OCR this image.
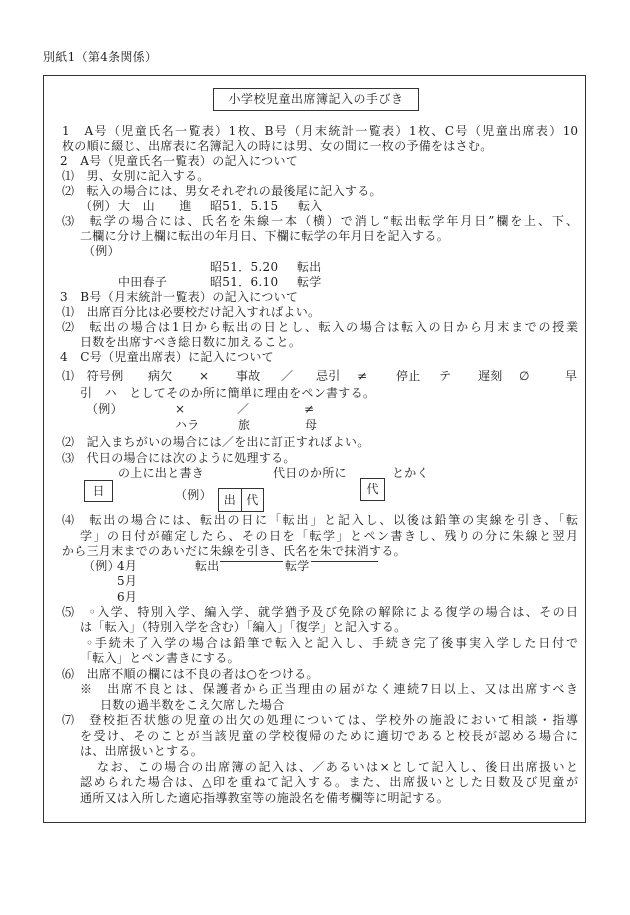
別紙1（第4条関係）
小学校児童出席簿記入の手びき
1　A号（児童氏名一覧表）1枚、B号（月末統計一覧表）1枚、C号（児童出席表）10
枚の順に綴じ、出席表に名簿記入の時には男、女の間に一枚の予備をはさむ。
2　A号（児童氏名一覧表）の記入について
⑴　男、女別に記入する。
⑵　転入の場合には、男女それぞれの最後尾に記入する。
（例） 大　山　　進 昭51．5.15 転入
⑶　転学の場合には、氏名を朱線一本（横）で消し“転出転学年月日”欄を上、下、
二欄に分け上欄に転出の年月日、下欄に転学の年月日を記入する。
（例）
昭51．5.20 転出
中田春子	昭51．6.10 転学
3　B号（月末統計一覧表）の記入について
⑴　出席百分比は必要校だけ記入すればよい。
⑵　転出の場合は1日から転出の日とし、転入の場合は転入の日から月末までの授業
日数を出席すべき総日数に加えること。
4　C号（児童出席表）に記入について
⑴　符号例 病欠 × 事故 ／ 忌引 ≠ 停止 テ 遅刻 ∅	早
引　ハ　としてそのか所に簡単に理由をペン書する。
（例）	×	／	≠
ハラ	旅	母
⑵　記入まちがいの場合には／を出に訂正すればよい。
⑶　代日の場合には次のように処理する。
の上に出と書き	代日のか所に	とかく
日	代
（例） 出 代
⑷　転出の場合には、転出の日に「転出」と記入し、以後は鉛筆の実線を引き、「転
学」の日付が確定したら、その日を「転学」とペン書きし、残りの分に朱線と翌月
から三月末までのあいだに朱線を引き、氏名を朱で抹消する。
（例）
4月
5月
6月
転出	転学
⑸　◦入学、特別入学、編入学、就学猶予及び免除の解除による復学の場合は、その日
は「転入」（特別入学を含む）「編入」「復学」と記入する。
◦手続未了入学の場合は鉛筆で転入と記入し、手続き完了後事実入学した日付で
「転入」とペン書きにする。
⑹　出席不順の欄には不良の者は○をつける。
※　出席不良とは、保護者から正当理由の届がなく連続7日以上、又は出席すべき
日数の過半数をこえ欠席した場合
⑺　登校拒否状態の児童の出欠の処理については、学校外の施設において相談・指導
を受け、そのことが当該児童の学校復帰のために適切であると校長が認める場合に
は、出席扱いとする。
なお、この場合の出席簿の記入は、／あるいは×として記入し、後日出席扱いと
認められた場合は、△印を重ねて記入する。また、出席扱いとした日数及び児童が
通所又は入所した適応指導教室等の施設名を備考欄等に明記する。
